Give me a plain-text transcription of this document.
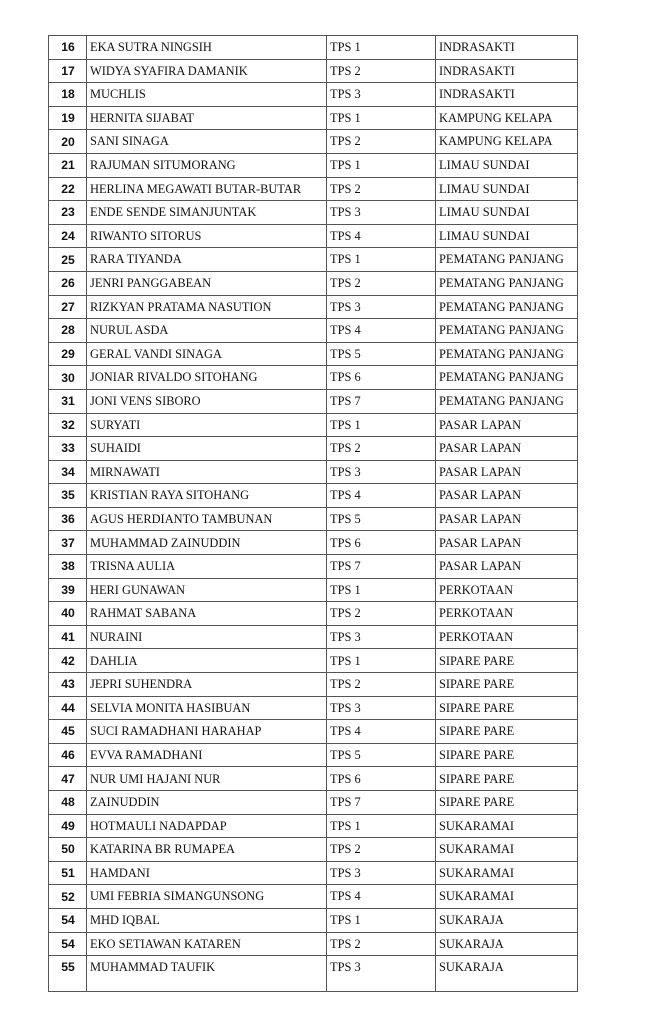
16	EKA SUTRA NINGSIH	TPS 1	INDRASAKTI
17	WIDYA SYAFIRA DAMANIK	TPS 2	INDRASAKTI
18	MUCHLIS	TPS 3	INDRASAKTI
19	HERNITA SIJABAT	TPS 1	KAMPUNG KELAPA
20	SANI SINAGA	TPS 2	KAMPUNG KELAPA
21	RAJUMAN SITUMORANG	TPS 1	LIMAU SUNDAI
22	HERLINA MEGAWATI BUTAR-BUTAR	TPS 2	LIMAU SUNDAI
23	ENDE SENDE SIMANJUNTAK	TPS 3	LIMAU SUNDAI
24	RIWANTO SITORUS	TPS 4	LIMAU SUNDAI
25	RARA TIYANDA	TPS 1	PEMATANG PANJANG
26	JENRI PANGGABEAN	TPS 2	PEMATANG PANJANG
27	RIZKYAN PRATAMA NASUTION	TPS 3	PEMATANG PANJANG
28	NURUL ASDA	TPS 4	PEMATANG PANJANG
29	GERAL VANDI SINAGA	TPS 5	PEMATANG PANJANG
30	JONIAR RIVALDO SITOHANG	TPS 6	PEMATANG PANJANG
31	JONI VENS SIBORO	TPS 7	PEMATANG PANJANG
32	SURYATI	TPS 1	PASAR LAPAN
33	SUHAIDI	TPS 2	PASAR LAPAN
34	MIRNAWATI	TPS 3	PASAR LAPAN
35	KRISTIAN RAYA SITOHANG	TPS 4	PASAR LAPAN
36	AGUS HERDIANTO TAMBUNAN	TPS 5	PASAR LAPAN
37	MUHAMMAD ZAINUDDIN	TPS 6	PASAR LAPAN
38	TRISNA AULIA	TPS 7	PASAR LAPAN
39	HERI GUNAWAN	TPS 1	PERKOTAAN
40	RAHMAT SABANA	TPS 2	PERKOTAAN
41	NURAINI	TPS 3	PERKOTAAN
42	DAHLIA	TPS 1	SIPARE PARE
43	JEPRI SUHENDRA	TPS 2	SIPARE PARE
44	SELVIA MONITA HASIBUAN	TPS 3	SIPARE PARE
45	SUCI RAMADHANI HARAHAP	TPS 4	SIPARE PARE
46	EVVA RAMADHANI	TPS 5	SIPARE PARE
47	NUR UMI HAJANI NUR	TPS 6	SIPARE PARE
48	ZAINUDDIN	TPS 7	SIPARE PARE
49	HOTMAULI NADAPDAP	TPS 1	SUKARAMAI
50	KATARINA BR RUMAPEA	TPS 2	SUKARAMAI
51	HAMDANI	TPS 3	SUKARAMAI
52	UMI FEBRIA SIMANGUNSONG	TPS 4	SUKARAMAI
54	MHD IQBAL	TPS 1	SUKARAJA
54	EKO SETIAWAN KATAREN	TPS 2	SUKARAJA
55	MUHAMMAD TAUFIK	TPS 3	SUKARAJA
